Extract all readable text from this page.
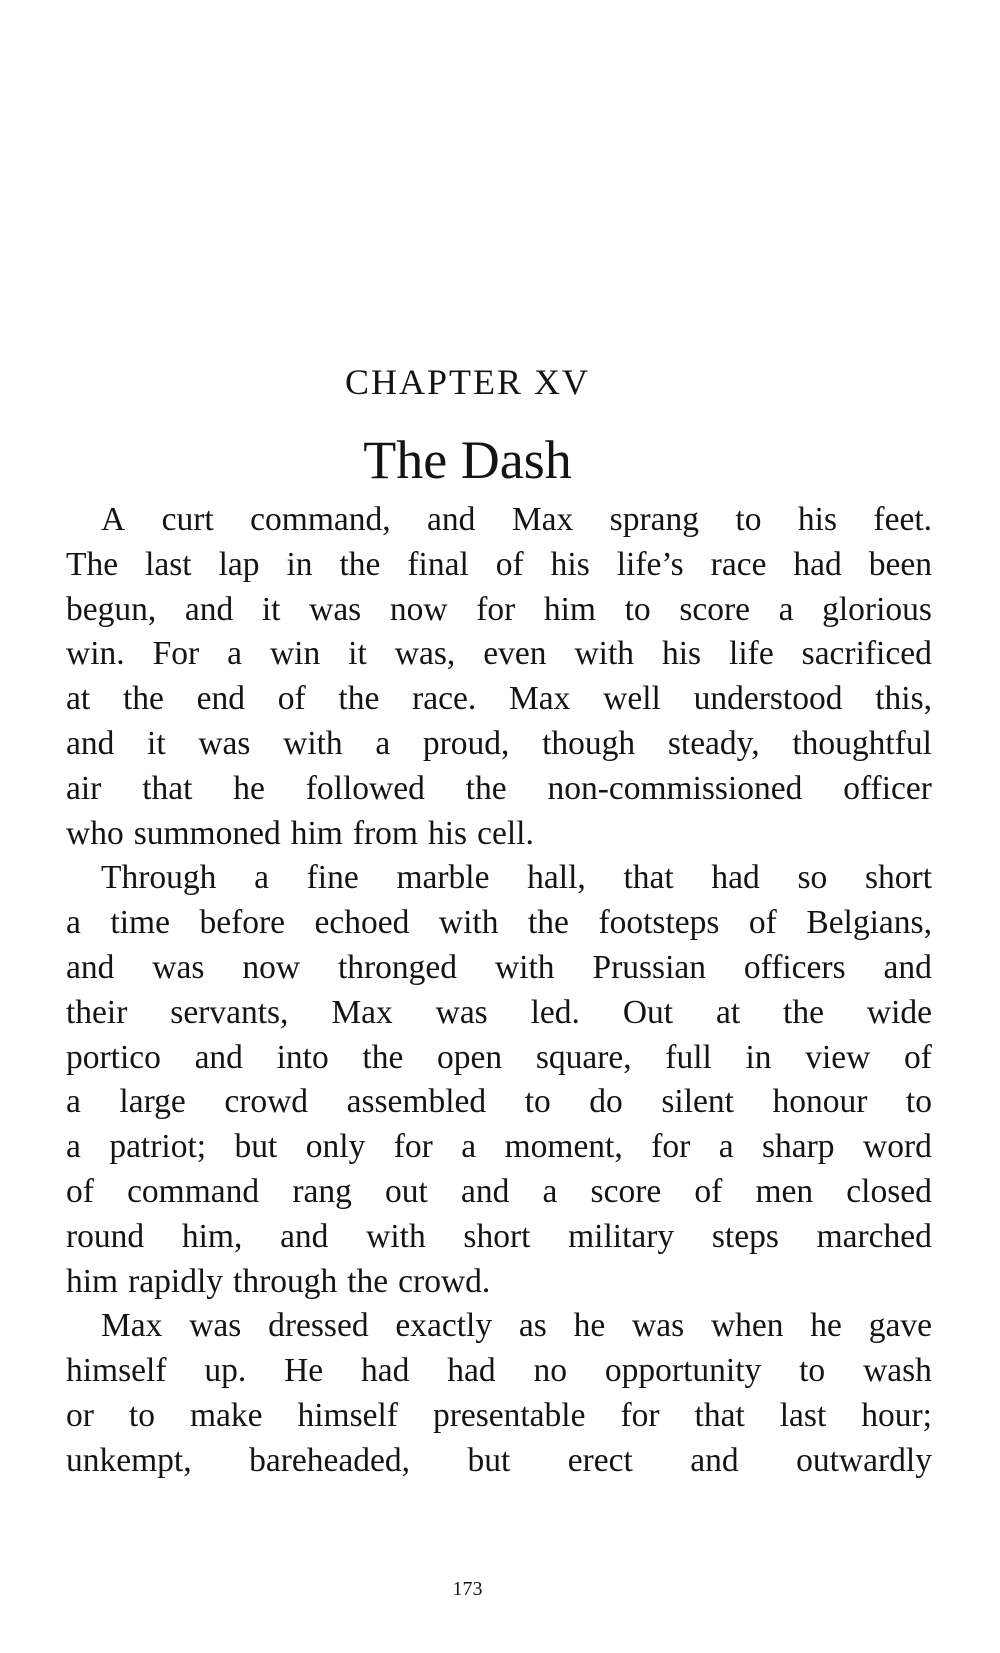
CHAPTER XV
The Dash
A curt command, and Max sprang to his feet.
The last lap in the final of his life’s race had been
begun, and it was now for him to score a glorious
win. For a win it was, even with his life sacrificed
at the end of the race. Max well understood this,
and it was with a proud, though steady, thoughtful
air that he followed the non-commissioned officer
who summoned him from his cell.
Through a fine marble hall, that had so short
a time before echoed with the footsteps of Belgians,
and was now thronged with Prussian officers and
their servants, Max was led. Out at the wide
portico and into the open square, full in view of
a large crowd assembled to do silent honour to
a patriot; but only for a moment, for a sharp word
of command rang out and a score of men closed
round him, and with short military steps marched
him rapidly through the crowd.
Max was dressed exactly as he was when he gave
himself up. He had had no opportunity to wash
or to make himself presentable for that last hour;
unkempt, bareheaded, but erect and outwardly
173
